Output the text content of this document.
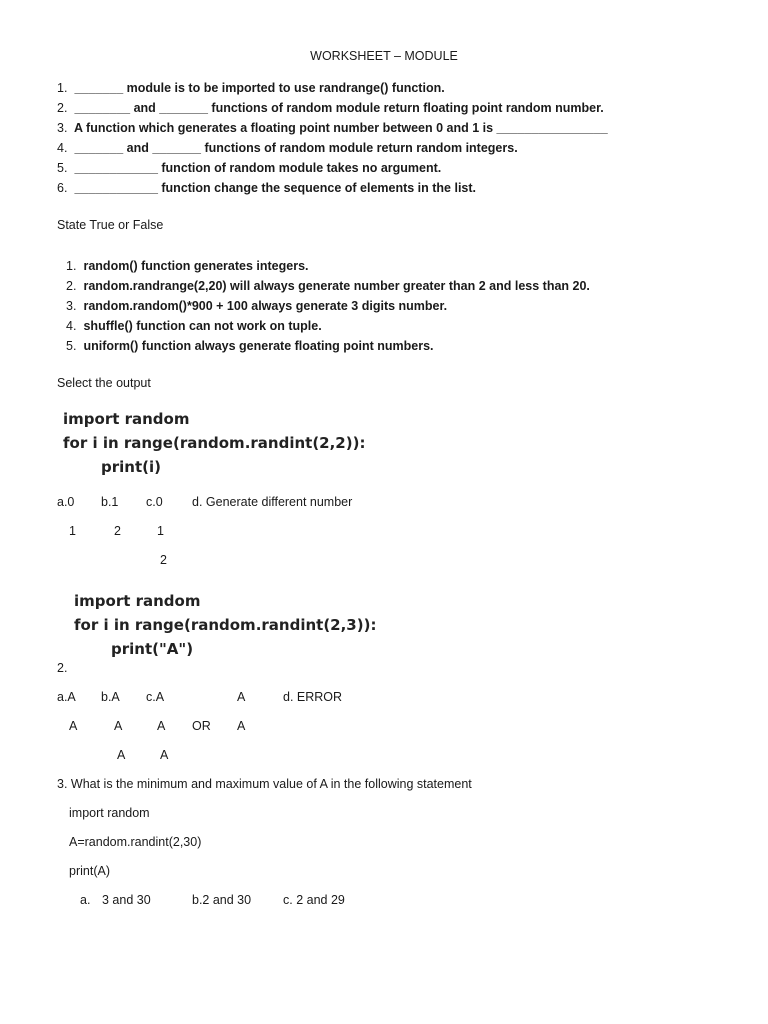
WORKSHEET – MODULE
1. _______ module is to be imported to use randrange() function.
2. ________ and _______ functions of random module return floating point random number.
3. A function which generates a floating point number between 0 and 1 is ________________
4. _______ and _______ functions of random module return random integers.
5. ____________ function of random module takes no argument.
6. ____________ function change the sequence of elements in the list.
State True or False
1. random() function generates integers.
2. random.randrange(2,20) will always generate number greater than 2 and less than 20.
3. random.random()*900 + 100 always generate 3 digits number.
4. shuffle() function can not work on tuple.
5. uniform() function always generate floating point numbers.
Select the output
import random
for i in range(random.randint(2,2)):
print(i)
a.0 b.1 c.0 d. Generate different number
1	2	1
2
import random
for i in range(random.randint(2,3)):
print("A")
2.
a.A b.A c.A	A	d. ERROR
A	A	A OR A
A	A
3. What is the minimum and maximum value of A in the following statement
import random
A=random.randint(2,30)
print(A)
a. 3 and 30	b.2 and 30	c. 2 and 29
